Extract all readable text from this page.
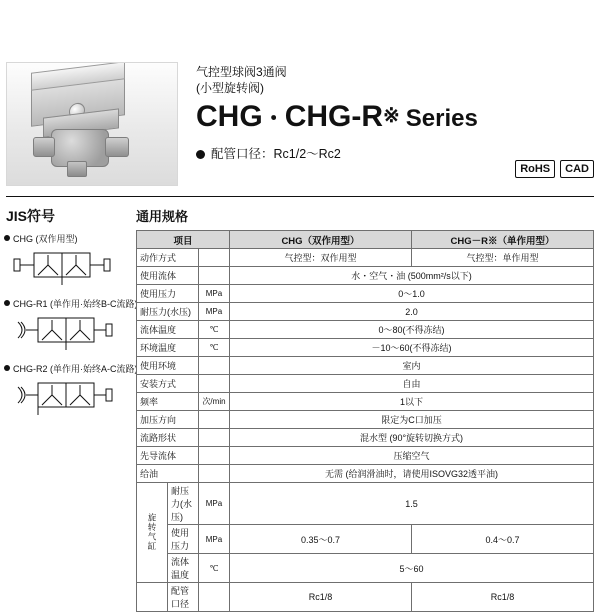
气控型球阀3通阀
(小型旋转阀)
CHG・CHG-R※ Series
配管口径：Rc1/2～Rc2
RoHS	CAD
JIS符号
CHG (双作用型)
CHG-R1 (单作用·始终B-C流路)
CHG-R2 (单作用·始终A-C流路)
通用规格
项目			CHG（双作用型）	CHG－R※（单作用型）
动作方式			气控型：双作用型	气控型：单作用型
使用流体			水・空气・油 (500mm²/s以下)	
使用压力		MPa	0～1.0	
耐压力(水压)		MPa	2.0	
流体温度		℃	0～80(不得冻结)	
环境温度		℃	－10～60(不得冻结)	
使用环境			室内	
安装方式			自由	
频率		次/min	1以下	
加压方向			限定为C口加压	
流路形状			混水型 (90°旋转切换方式)	
先导流体			压缩空气	
给油			无需 (给润滑油时，请使用ISOVG32透平油)	
旋转气缸	耐压力(水压)	MPa	1.5	
	使用压力	MPa	0.35～0.7	0.4～0.7
	流体温度	℃	5～60	
	配管口径		Rc1/8	Rc1/8
